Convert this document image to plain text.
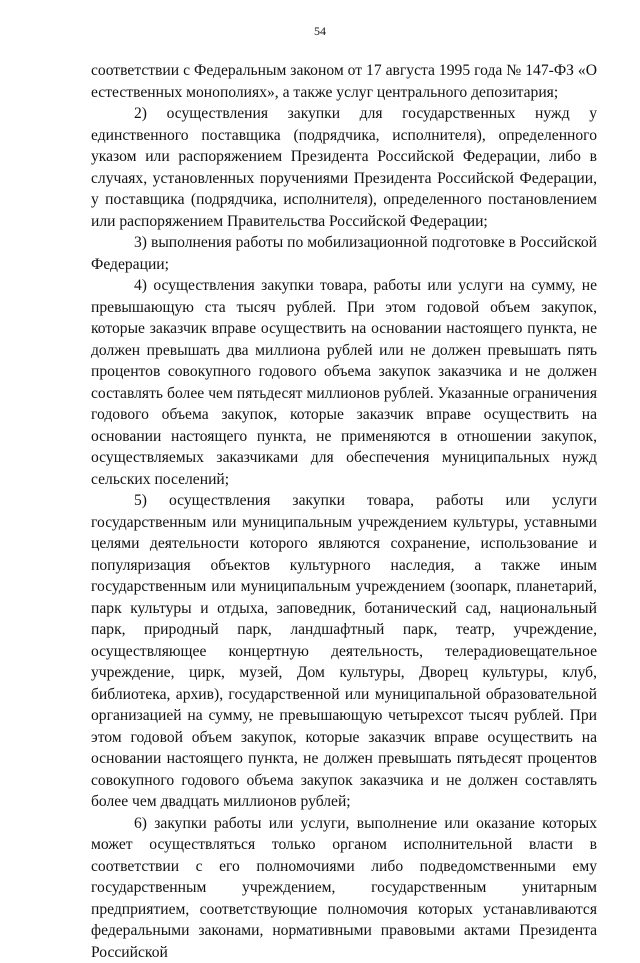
54

соответствии с Федеральным законом от 17 августа 1995 года № 147-ФЗ «О естественных монополиях», а также услуг центрального депозитария;

2) осуществления закупки для государственных нужд у единственного поставщика (подрядчика, исполнителя), определенного указом или распоряжением Президента Российской Федерации, либо в случаях, установленных поручениями Президента Российской Федерации, у поставщика (подрядчика, исполнителя), определенного постановлением или распоряжением Правительства Российской Федерации;

3) выполнения работы по мобилизационной подготовке в Российской Федерации;

4) осуществления закупки товара, работы или услуги на сумму, не превышающую ста тысяч рублей. При этом годовой объем закупок, которые заказчик вправе осуществить на основании настоящего пункта, не должен превышать два миллиона рублей или не должен превышать пять процентов совокупного годового объема закупок заказчика и не должен составлять более чем пятьдесят миллионов рублей. Указанные ограничения годового объема закупок, которые заказчик вправе осуществить на основании настоящего пункта, не применяются в отношении закупок, осуществляемых заказчиками для обеспечения муниципальных нужд сельских поселений;

5) осуществления закупки товара, работы или услуги государственным или муниципальным учреждением культуры, уставными целями деятельности которого являются сохранение, использование и популяризация объектов культурного наследия, а также иным государственным или муниципальным учреждением (зоопарк, планетарий, парк культуры и отдыха, заповедник, ботанический сад, национальный парк, природный парк, ландшафтный парк, театр, учреждение, осуществляющее концертную деятельность, телерадиовещательное учреждение, цирк, музей, Дом культуры, Дворец культуры, клуб, библиотека, архив), государственной или муниципальной образовательной организацией на сумму, не превышающую четырехсот тысяч рублей. При этом годовой объем закупок, которые заказчик вправе осуществить на основании настоящего пункта, не должен превышать пятьдесят процентов совокупного годового объема закупок заказчика и не должен составлять более чем двадцать миллионов рублей;

6) закупки работы или услуги, выполнение или оказание которых может осуществляться только органом исполнительной власти в соответствии с его полномочиями либо подведомственными ему государственным учреждением, государственным унитарным предприятием, соответствующие полномочия которых устанавливаются федеральными законами, нормативными правовыми актами Президента Российской
